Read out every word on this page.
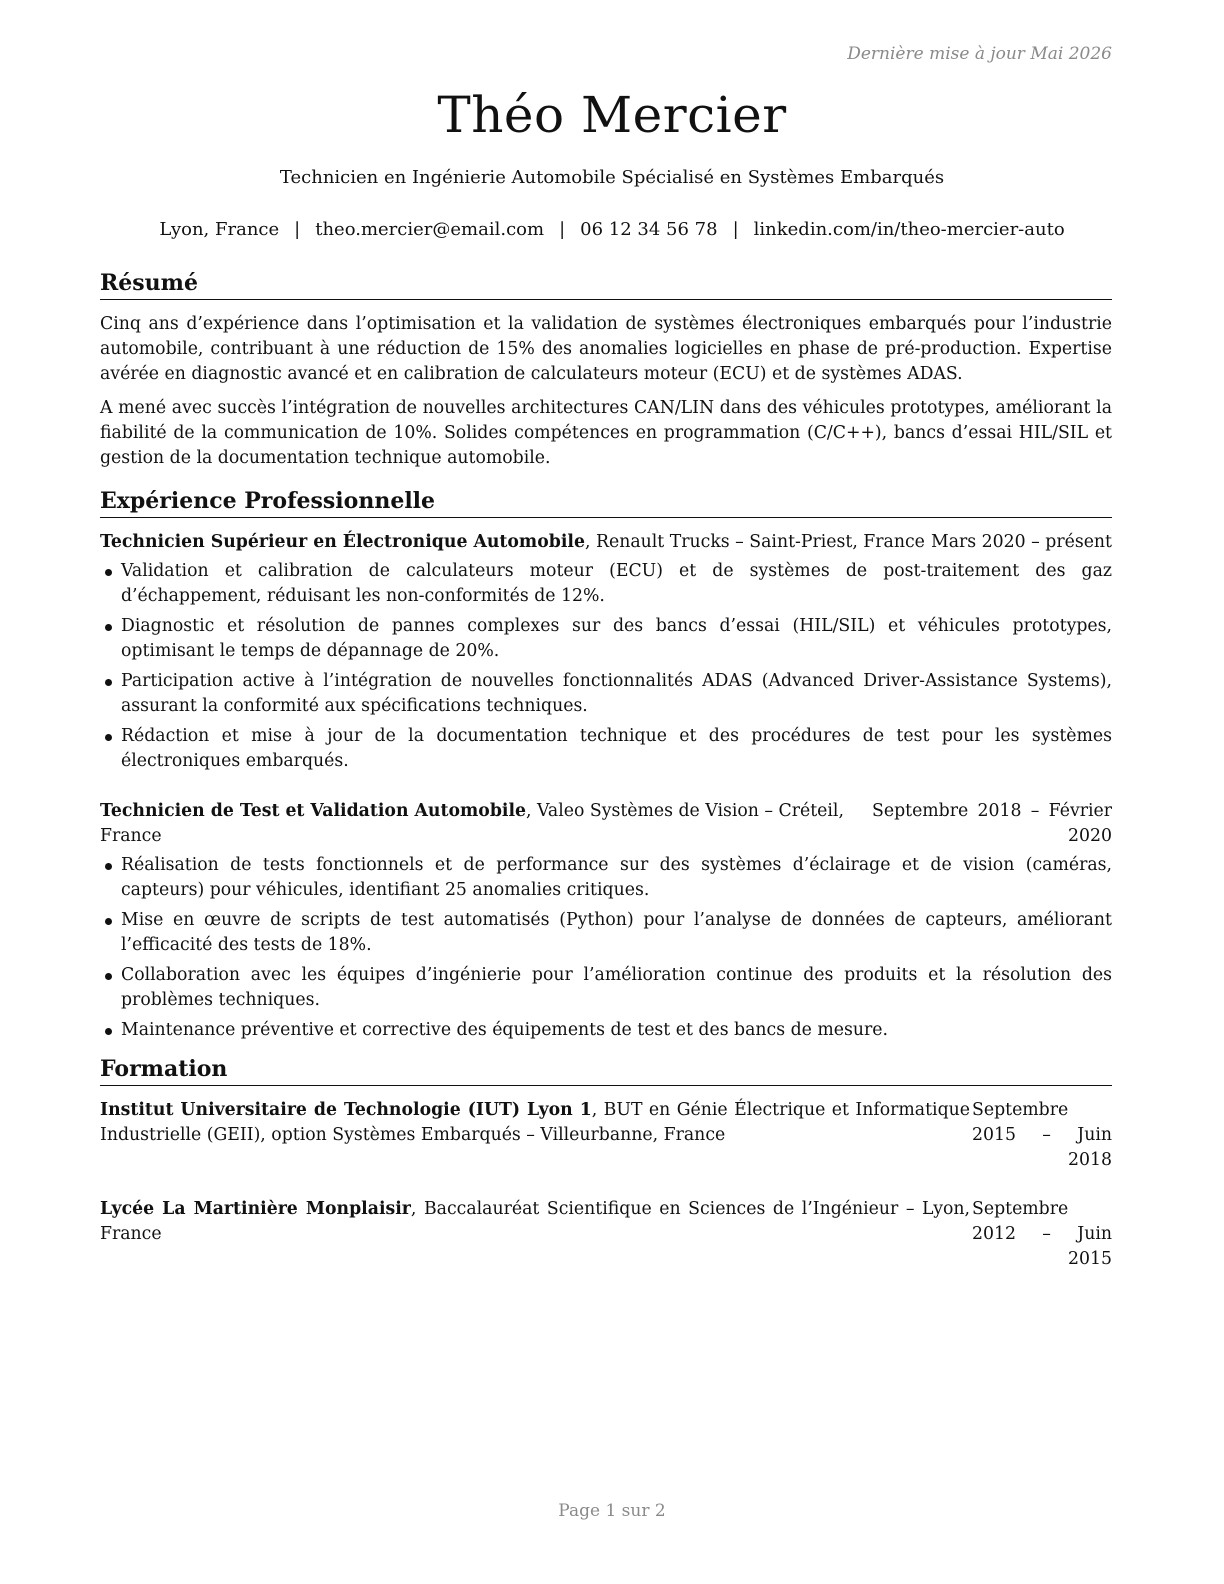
Dernière mise à jour Mai 2026
Théo Mercier
Technicien en Ingénierie Automobile Spécialisé en Systèmes Embarqués
Lyon, France | theo.mercier@email.com | 06 12 34 56 78 | linkedin.com/in/theo-mercier-auto
Résumé

Cinq ans d’expérience dans l’optimisation et la validation de systèmes électroniques embarqués pour l’industrie automobile, contribuant à une réduction de 15% des anomalies logicielles en phase de pré-production. Expertise avérée en diagnostic avancé et en calibration de calculateurs moteur (ECU) et de systèmes ADAS.

A mené avec succès l’intégration de nouvelles architectures CAN/LIN dans des véhicules prototypes, améliorant la fiabilité de la communication de 10%. Solides compétences en programmation (C/C++), bancs d’essai HIL/SIL et gestion de la documentation technique automobile.

Expérience Professionnelle
Technicien Supérieur en Électronique Automobile, Renault Trucks – Saint-Priest, France Mars 2020 – présent
Validation et calibration de calculateurs moteur (ECU) et de systèmes de post-traitement des gaz d’échappement, réduisant les non-conformités de 12%.
Diagnostic et résolution de pannes complexes sur des bancs d’essai (HIL/SIL) et véhicules prototypes, optimisant le temps de dépannage de 20%.
Participation active à l’intégration de nouvelles fonctionnalités ADAS (Advanced Driver-Assistance Systems), assurant la conformité aux spécifications techniques.
Rédaction et mise à jour de la documentation technique et des procédures de test pour les systèmes électroniques embarqués.
Technicien de Test et Validation Automobile, Valeo Systèmes de Vision – Créteil, France
Septembre 2018 – Février 2020
Réalisation de tests fonctionnels et de performance sur des systèmes d’éclairage et de vision (caméras, capteurs) pour véhicules, identifiant 25 anomalies critiques.
Mise en œuvre de scripts de test automatisés (Python) pour l’analyse de données de capteurs, améliorant l’efficacité des tests de 18%.
Collaboration avec les équipes d’ingénierie pour l’amélioration continue des produits et la résolution des problèmes techniques.
Maintenance préventive et corrective des équipements de test et des bancs de mesure.
Formation
Institut Universitaire de Technologie (IUT) Lyon 1, BUT en Génie Électrique et Informatique Industrielle (GEII), option Systèmes Embarqués – Villeurbanne, France
Septembre 2015 – Juin 2018
Lycée La Martinière Monplaisir, Baccalauréat Scientifique en Sciences de l’Ingénieur – Lyon, France
Septembre 2012 – Juin 2015
Page 1 sur 2
